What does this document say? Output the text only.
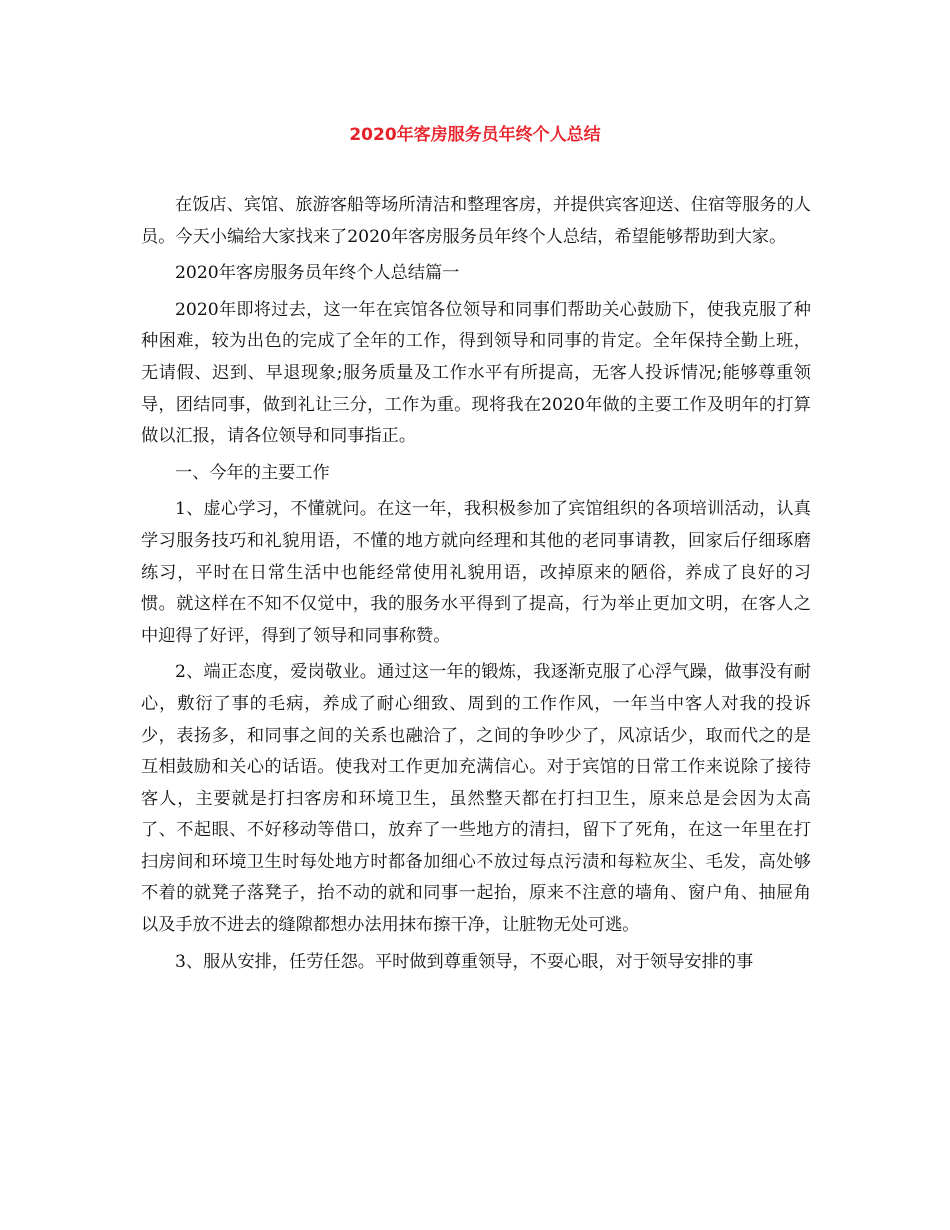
2020年客房服务员年终个人总结

在饭店、宾馆、旅游客船等场所清洁和整理客房，并提供宾客迎送、住宿等服务的人员。今天小编给大家找来了2020年客房服务员年终个人总结，希望能够帮助到大家。

2020年客房服务员年终个人总结篇一

2020年即将过去，这一年在宾馆各位领导和同事们帮助关心鼓励下，使我克服了种种困难，较为出色的完成了全年的工作，得到领导和同事的肯定。全年保持全勤上班，无请假、迟到、早退现象;服务质量及工作水平有所提高，无客人投诉情况;能够尊重领导，团结同事，做到礼让三分，工作为重。现将我在2020年做的主要工作及明年的打算做以汇报，请各位领导和同事指正。

一、今年的主要工作

1、虚心学习，不懂就问。在这一年，我积极参加了宾馆组织的各项培训活动，认真学习服务技巧和礼貌用语，不懂的地方就向经理和其他的老同事请教，回家后仔细琢磨练习，平时在日常生活中也能经常使用礼貌用语，改掉原来的陋俗，养成了良好的习惯。就这样在不知不仅觉中，我的服务水平得到了提高，行为举止更加文明，在客人之中迎得了好评，得到了领导和同事称赞。

2、端正态度，爱岗敬业。通过这一年的锻炼，我逐渐克服了心浮气躁，做事没有耐心，敷衍了事的毛病，养成了耐心细致、周到的工作作风，一年当中客人对我的投诉少，表扬多，和同事之间的关系也融洽了，之间的争吵少了，风凉话少，取而代之的是互相鼓励和关心的话语。使我对工作更加充满信心。对于宾馆的日常工作来说除了接待客人，主要就是打扫客房和环境卫生，虽然整天都在打扫卫生，原来总是会因为太高了、不起眼、不好移动等借口，放弃了一些地方的清扫，留下了死角，在这一年里在打扫房间和环境卫生时每处地方时都备加细心不放过每点污渍和每粒灰尘、毛发，高处够不着的就凳子落凳子，抬不动的就和同事一起抬，原来不注意的墙角、窗户角、抽屉角以及手放不进去的缝隙都想办法用抹布擦干净，让脏物无处可逃。

3、服从安排，任劳任怨。平时做到尊重领导，不耍心眼，对于领导安排的事
